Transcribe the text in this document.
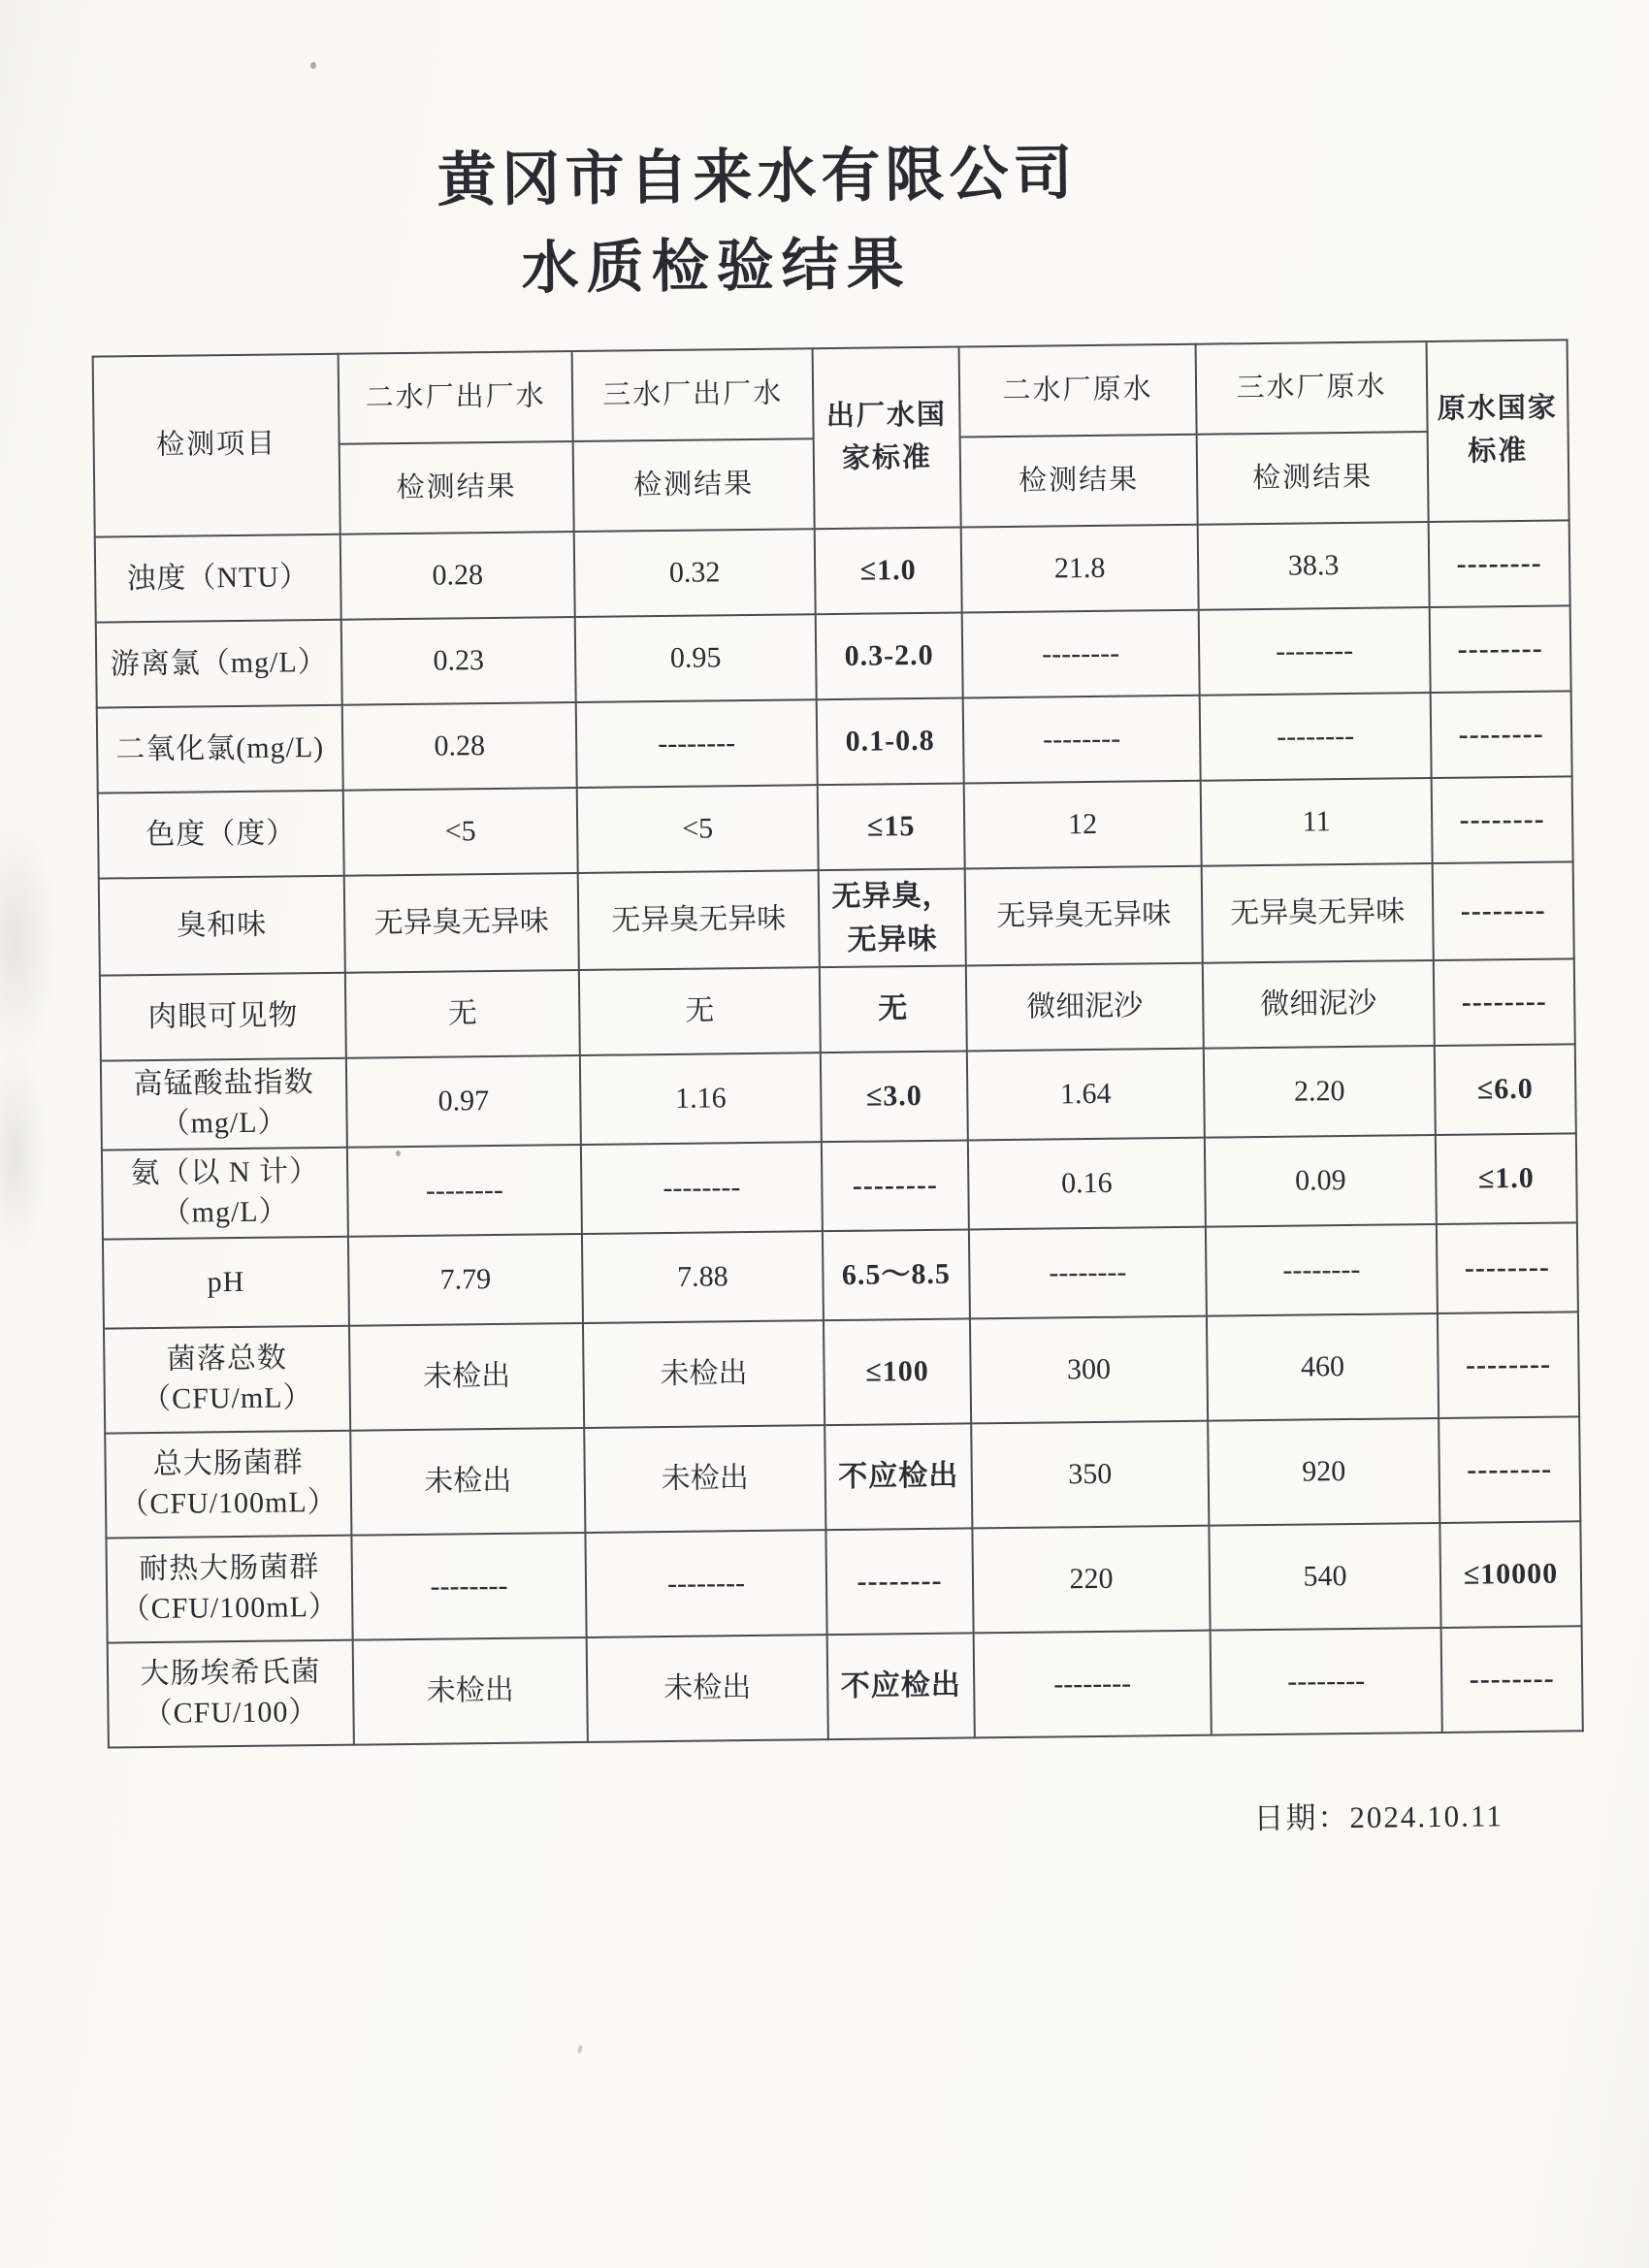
黄冈市自来水有限公司
水质检验结果
检测项目	二水厂出厂水	三水厂出厂水	出厂水国家标准	二水厂原水	三水厂原水	原水国家标准
	检测结果	检测结果		检测结果	检测结果	
浊度（NTU）	0.28	0.32	≤1.0	21.8	38.3	--------
游离氯（mg/L）	0.23	0.95	0.3-2.0	--------	--------	--------
二氧化氯(mg/L)	0.28	--------	0.1-0.8	--------	--------	--------
色度（度）	<5	<5	≤15	12	11	--------
臭和味	无异臭无异味	无异臭无异味	无异臭，无异味	无异臭无异味	无异臭无异味	--------
肉眼可见物	无	无	无	微细泥沙	微细泥沙	--------
高锰酸盐指数 （mg/L）	0.97	1.16	≤3.0	1.64	2.20	≤6.0
氨（以 N 计） （mg/L）	--------	--------	--------	0.16	0.09	≤1.0
pH	7.79	7.88	6.5～8.5	--------	--------	--------
菌落总数 （CFU/mL）	未检出	未检出	≤100	300	460	--------
总大肠菌群 （CFU/100mL）	未检出	未检出	不应检出	350	920	--------
耐热大肠菌群 （CFU/100mL）	--------	--------	--------	220	540	≤10000
大肠埃希氏菌 （CFU/100）	未检出	未检出	不应检出	--------	--------	--------
日期：2024.10.11
